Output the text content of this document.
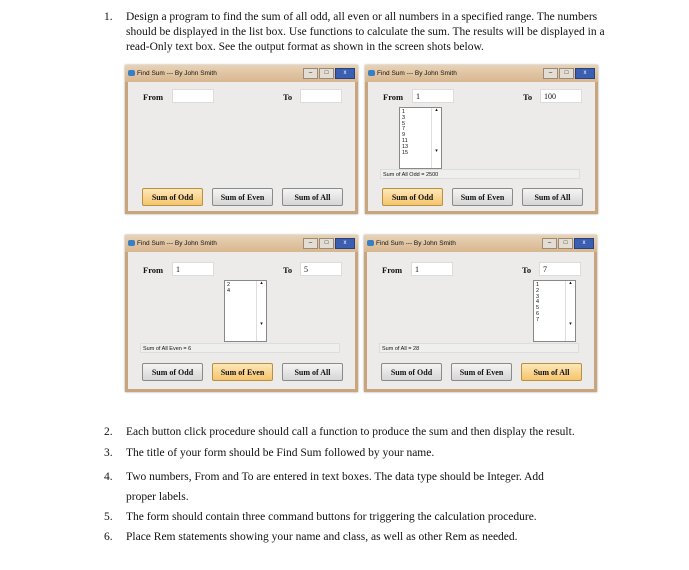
1. Design a program to find the sum of all odd, all even or all numbers in a specified range. The numbers should be displayed in the list box. Use functions to calculate the sum. The results will be displayed in a read-Only text box. See the output format as shown in the screen shots below.
Find Sum --- By John Smith	–	□	x
From	To
Sum of Odd	Sum of Even	Sum of All
Find Sum --- By John Smith	–	□	x
From	1	To	100
1
3
5
7
9
11
13
15
▴

▾
Sum of All Odd = 2500
Sum of Odd	Sum of Even	Sum of All
Find Sum --- By John Smith	–	□	x
From	1	To	5
2
4
▴

▾
Sum of All Even = 6
Sum of Odd	Sum of Even	Sum of All
Find Sum --- By John Smith	–	□	x
From	1	To	7
1
2
3
4
5
6
7
▴

▾
Sum of All = 28
Sum of Odd	Sum of Even	Sum of All
2. Each button click procedure should call a function to produce the sum and then display the result.
3. The title of your form should be Find Sum followed by your name.
4. Two numbers, From and To are entered in text boxes. The data type should be Integer. Add proper labels.
5. The form should contain three command buttons for triggering the calculation procedure.
6. Place Rem statements showing your name and class, as well as other Rem as needed.
